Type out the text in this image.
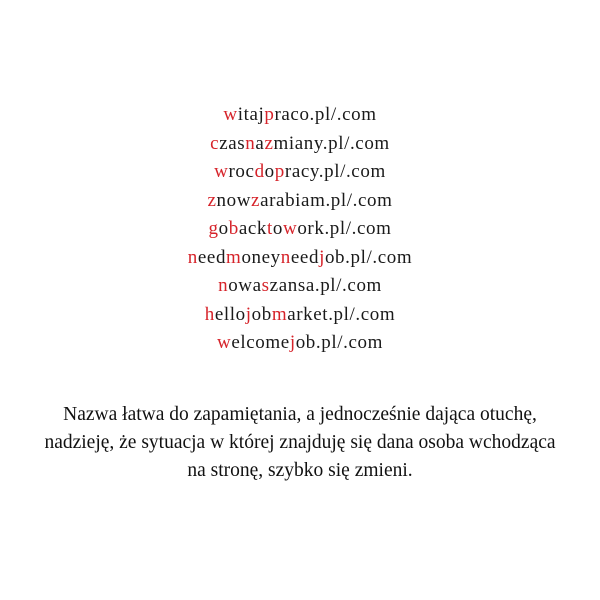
witajpraco.pl/.com
czasnazmiany.pl/.com
wrocdopracy.pl/.com
znowzarabiam.pl/.com
gobacktowork.pl/.com
needmoneyneedjob.pl/.com
nowaszansa.pl/.com
hellojobmarket.pl/.com
welcomejob.pl/.com

Nazwa łatwa do zapamiętania, a jednocześnie dająca otuchę, nadzieję, że sytuacja w której znajduję się dana osoba wchodząca na stronę, szybko się zmieni.
